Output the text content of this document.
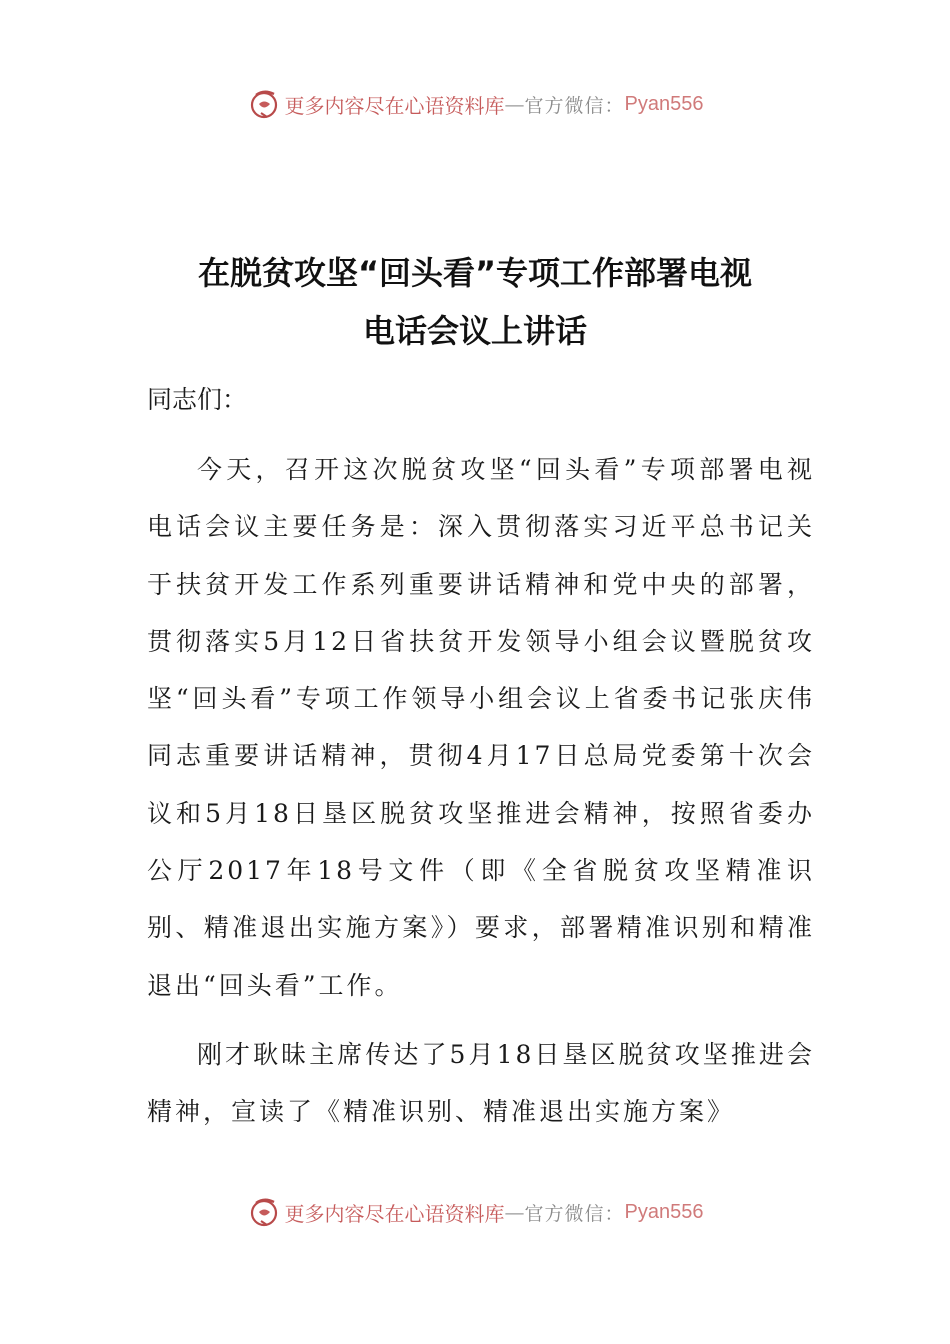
更多内容尽在心语资料库 — 官方微信： Pyan556
在脱贫攻坚“回头看”专项工作部署电视
电话会议上讲话
同志们：

今天，召开这次脱贫攻坚“回头看”专项部署电视电话会议主要任务是：深入贯彻落实习近平总书记关于扶贫开发工作系列重要讲话精神和党中央的部署，贯彻落实5月12日省扶贫开发领导小组会议暨脱贫攻坚“回头看”专项工作领导小组会议上省委书记张庆伟同志重要讲话精神，贯彻4月17日总局党委第十次会议和5月18日垦区脱贫攻坚推进会精神，按照省委办公厅2017年18号文件（即《全省脱贫攻坚精准识别、精准退出实施方案》）要求，部署精准识别和精准退出“回头看”工作。

刚才耿昧主席传达了5月18日垦区脱贫攻坚推进会精神，宣读了《精准识别、精准退出实施方案》

更多内容尽在心语资料库 — 官方微信： Pyan556
